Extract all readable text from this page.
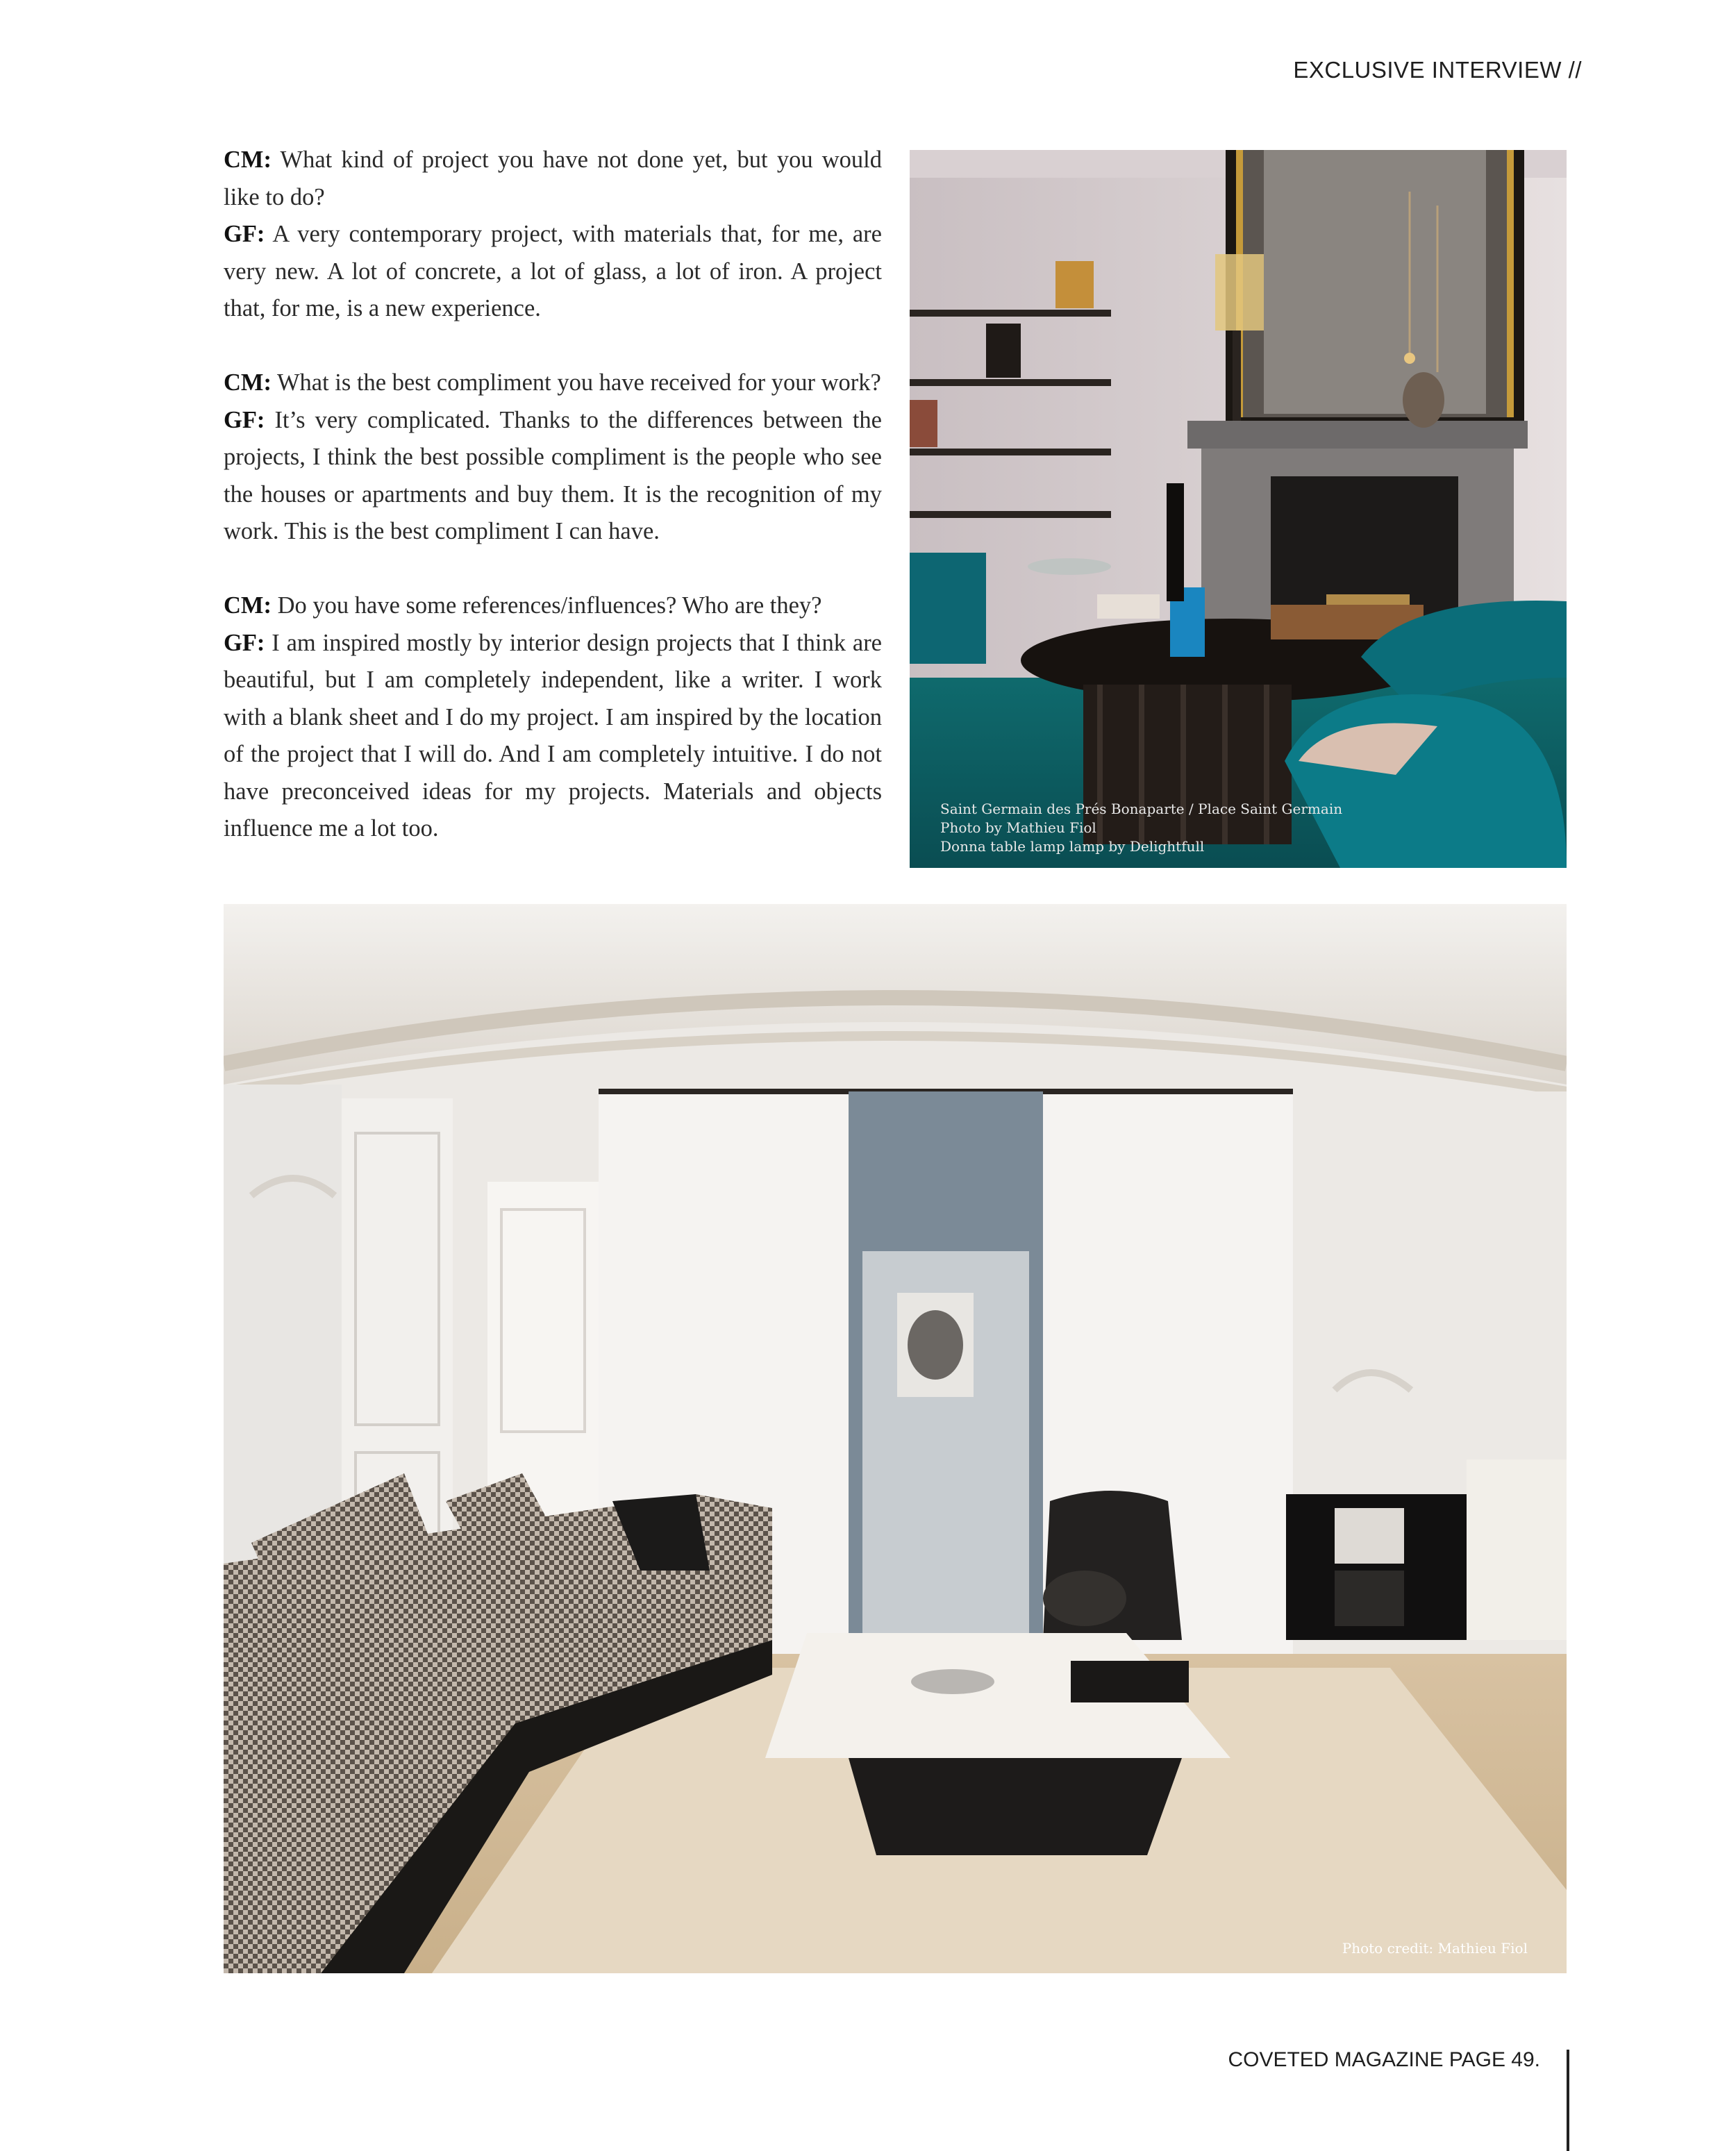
EXCLUSIVE INTERVIEW //

CM: What kind of project you have not done yet, but you would like to do?

GF: A very contemporary project, with materials that, for me, are very new. A lot of concrete, a lot of glass, a lot of iron. A project that, for me, is a new experience.

CM: What is the best compliment you have received for your work?

GF: It’s very complicated. Thanks to the differences between the projects, I think the best possible compliment is the people who see the houses or apartments and buy them. It is the recognition of my work. This is the best compliment I can have.

CM: Do you have some references/influences? Who are they?

GF: I am inspired mostly by interior design projects that I think are beautiful, but I am completely independent, like a writer. I work with a blank sheet and I do my project. I am inspired by the location of the project that I will do. And I am completely intuitive. I do not have preconceived ideas for my projects. Materials and objects influence me a lot too.

Saint Germain des Prés Bonaparte / Place Saint Germain
Photo by Mathieu Fiol
Donna table lamp lamp by Delightfull
Photo credit: Mathieu Fiol
COVETED MAGAZINE PAGE 49.
